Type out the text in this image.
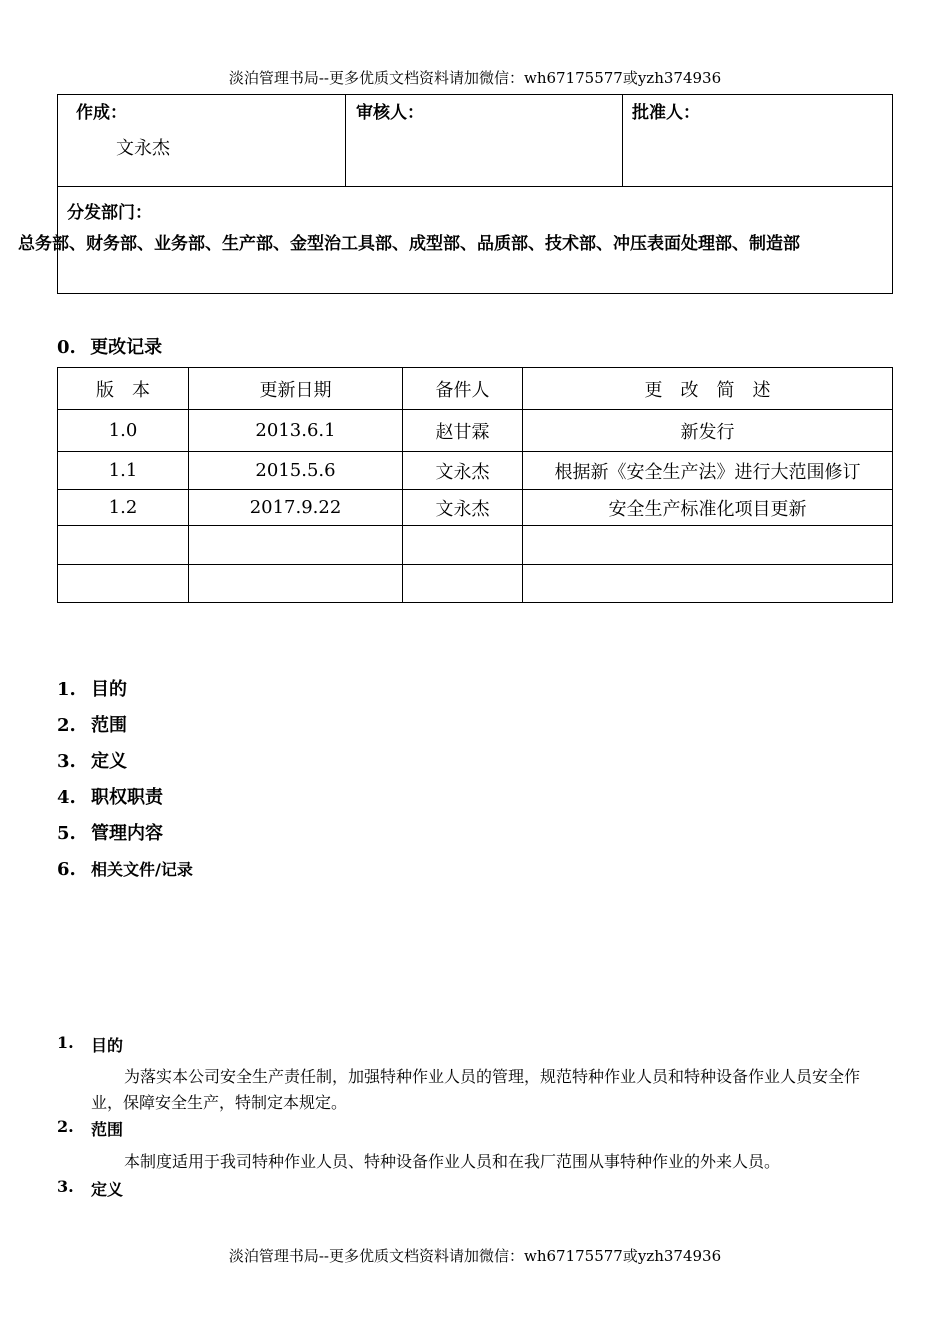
淡泊管理书局--更多优质文档资料请加微信：wh67175577或yzh374936
作成：	审核人：	批准人：

分发部门：
文永杰
总务部、财务部、业务部、生产部、金型治工具部、成型部、品质部、技术部、冲压表面处理部、制造部
0. 更改记录
版　本	更新日期	备件人	更　改　简　述
1.0	2013.6.1	赵甘霖	新发行
1.1	2015.5.6	文永杰	根据新《安全生产法》进行大范围修订
1.2	2017.9.22	文永杰	安全生产标准化项目更新

1. 目的
2. 范围
3. 定义
4. 职权职责
5. 管理内容
6. 相关文件/记录
1.	目的
为落实本公司安全生产责任制，加强特种作业人员的管理，规范特种作业人员和特种设备作业人员安全作业，保障安全生产，特制定本规定。
2.	范围
本制度适用于我司特种作业人员、特种设备作业人员和在我厂范围从事特种作业的外来人员。
3.	定义
淡泊管理书局--更多优质文档资料请加微信：wh67175577或yzh374936
